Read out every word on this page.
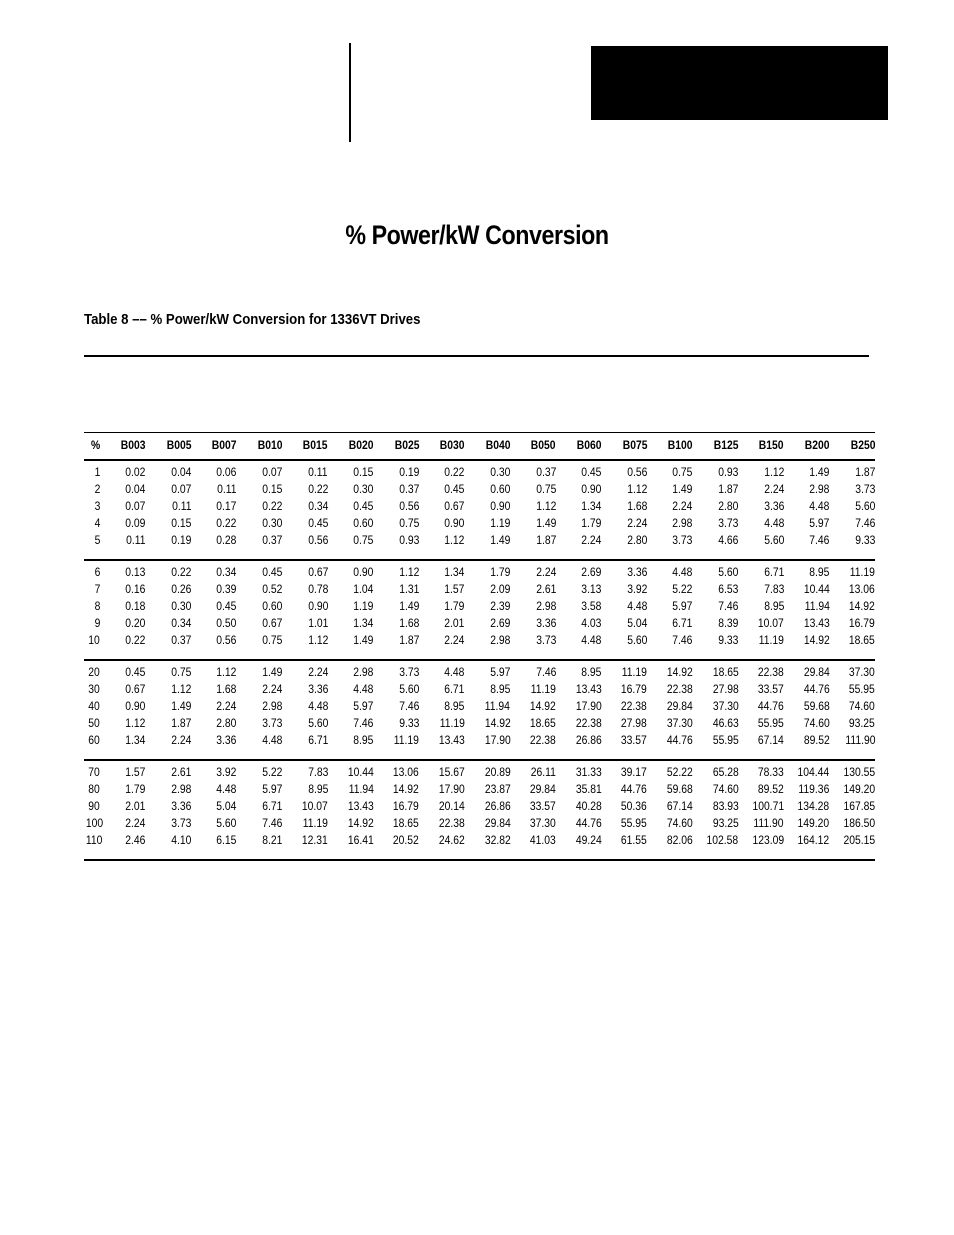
% Power/kW Conversion
Table 8 –– % Power/kW Conversion for 1336VT Drives
%	B003	B005	B007	B010	B015	B020	B025	B030	B040	B050	B060	B075	B100	B125	B150	B200	B250

1	0.02	0.04	0.06	0.07	0.11	0.15	0.19	0.22	0.30	0.37	0.45	0.56	0.75	0.93	1.12	1.49	1.87
2	0.04	0.07	0.11	0.15	0.22	0.30	0.37	0.45	0.60	0.75	0.90	1.12	1.49	1.87	2.24	2.98	3.73
3	0.07	0.11	0.17	0.22	0.34	0.45	0.56	0.67	0.90	1.12	1.34	1.68	2.24	2.80	3.36	4.48	5.60
4	0.09	0.15	0.22	0.30	0.45	0.60	0.75	0.90	1.19	1.49	1.79	2.24	2.98	3.73	4.48	5.97	7.46
5	0.11	0.19	0.28	0.37	0.56	0.75	0.93	1.12	1.49	1.87	2.24	2.80	3.73	4.66	5.60	7.46	9.33

6	0.13	0.22	0.34	0.45	0.67	0.90	1.12	1.34	1.79	2.24	2.69	3.36	4.48	5.60	6.71	8.95	11.19
7	0.16	0.26	0.39	0.52	0.78	1.04	1.31	1.57	2.09	2.61	3.13	3.92	5.22	6.53	7.83	10.44	13.06
8	0.18	0.30	0.45	0.60	0.90	1.19	1.49	1.79	2.39	2.98	3.58	4.48	5.97	7.46	8.95	11.94	14.92
9	0.20	0.34	0.50	0.67	1.01	1.34	1.68	2.01	2.69	3.36	4.03	5.04	6.71	8.39	10.07	13.43	16.79
10	0.22	0.37	0.56	0.75	1.12	1.49	1.87	2.24	2.98	3.73	4.48	5.60	7.46	9.33	11.19	14.92	18.65

20	0.45	0.75	1.12	1.49	2.24	2.98	3.73	4.48	5.97	7.46	8.95	11.19	14.92	18.65	22.38	29.84	37.30
30	0.67	1.12	1.68	2.24	3.36	4.48	5.60	6.71	8.95	11.19	13.43	16.79	22.38	27.98	33.57	44.76	55.95
40	0.90	1.49	2.24	2.98	4.48	5.97	7.46	8.95	11.94	14.92	17.90	22.38	29.84	37.30	44.76	59.68	74.60
50	1.12	1.87	2.80	3.73	5.60	7.46	9.33	11.19	14.92	18.65	22.38	27.98	37.30	46.63	55.95	74.60	93.25
60	1.34	2.24	3.36	4.48	6.71	8.95	11.19	13.43	17.90	22.38	26.86	33.57	44.76	55.95	67.14	89.52	111.90

70	1.57	2.61	3.92	5.22	7.83	10.44	13.06	15.67	20.89	26.11	31.33	39.17	52.22	65.28	78.33	104.44	130.55
80	1.79	2.98	4.48	5.97	8.95	11.94	14.92	17.90	23.87	29.84	35.81	44.76	59.68	74.60	89.52	119.36	149.20
90	2.01	3.36	5.04	6.71	10.07	13.43	16.79	20.14	26.86	33.57	40.28	50.36	67.14	83.93	100.71	134.28	167.85
100	2.24	3.73	5.60	7.46	11.19	14.92	18.65	22.38	29.84	37.30	44.76	55.95	74.60	93.25	111.90	149.20	186.50
110	2.46	4.10	6.15	8.21	12.31	16.41	20.52	24.62	32.82	41.03	49.24	61.55	82.06	102.58	123.09	164.12	205.15
